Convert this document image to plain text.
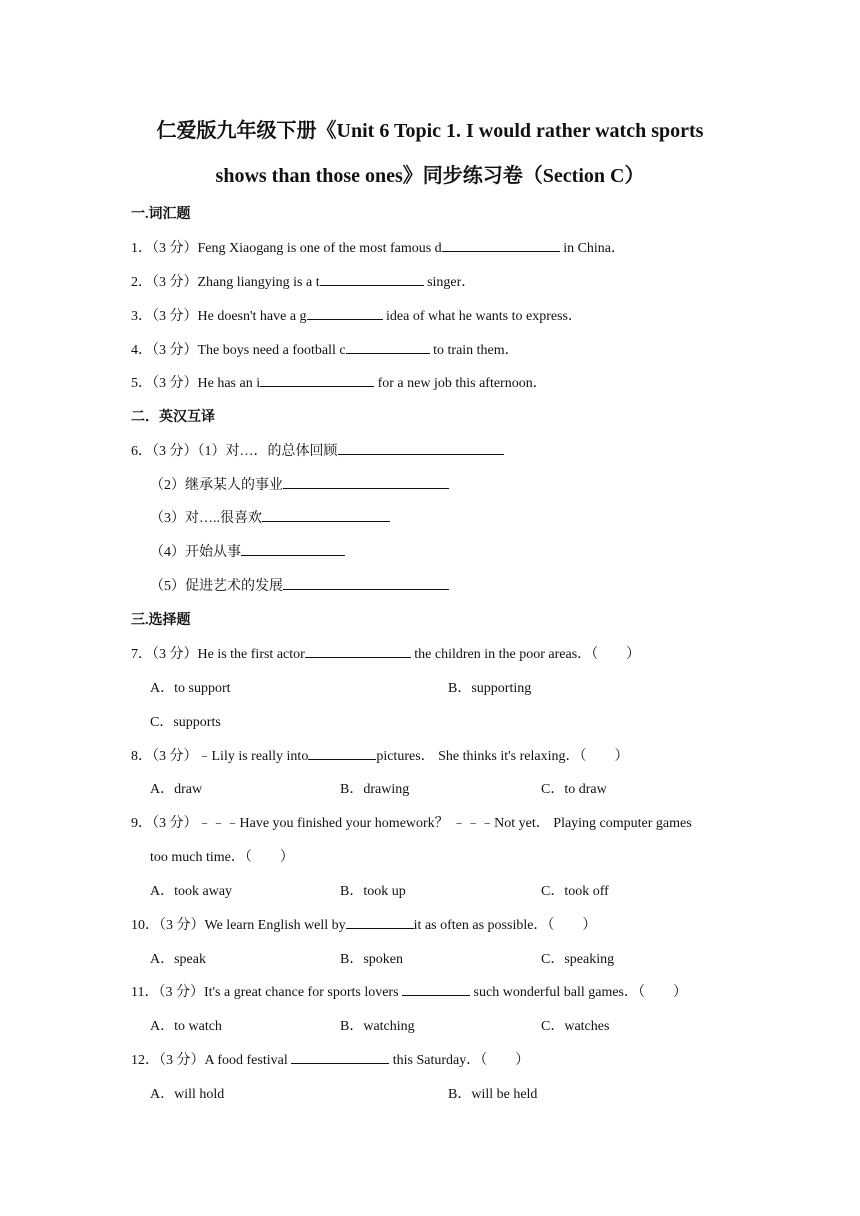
仁爱版九年级下册《Unit 6 Topic 1. I would rather watch sports
shows than those ones》同步练习卷（Section C）
一.词汇题
1．（3 分）Feng Xiaogang is one of the most famous d	in China．
2．（3 分）Zhang liangying is a t	singer．
3．（3 分）He doesn't have a g	idea of what he wants to express．
4．（3 分）The boys need a football c	to train them．
5．（3 分）He has an i	for a new job this afternoon．
二．英汉互译
6．（3 分）（1）对…．的总体回顾
（2）继承某人的事业
（3）对…..很喜欢
（4）开始从事
（5）促进艺术的发展
三.选择题
7．（3 分）He is the first actor	the children in the poor areas．（　　）
A．to support	B．supporting
C．supports
8．（3 分）﹣Lily is really into	pictures． She thinks it's relaxing．（　　）
A．draw	B．drawing	C．to draw
9．（3 分）﹣﹣﹣Have you finished your homework？ ﹣﹣﹣Not yet． Playing computer games
too much time．（　　）
A．took away	B．took up	C．took off
10．（3 分）We learn English well by	it as often as possible．（　　）
A．speak	B．spoken	C．speaking
11．（3 分）It's a great chance for sports lovers	such wonderful ball games．（　　）
A．to watch	B．watching	C．watches
12．（3 分）A food festival	this Saturday．（　　）
A．will hold	B．will be held
